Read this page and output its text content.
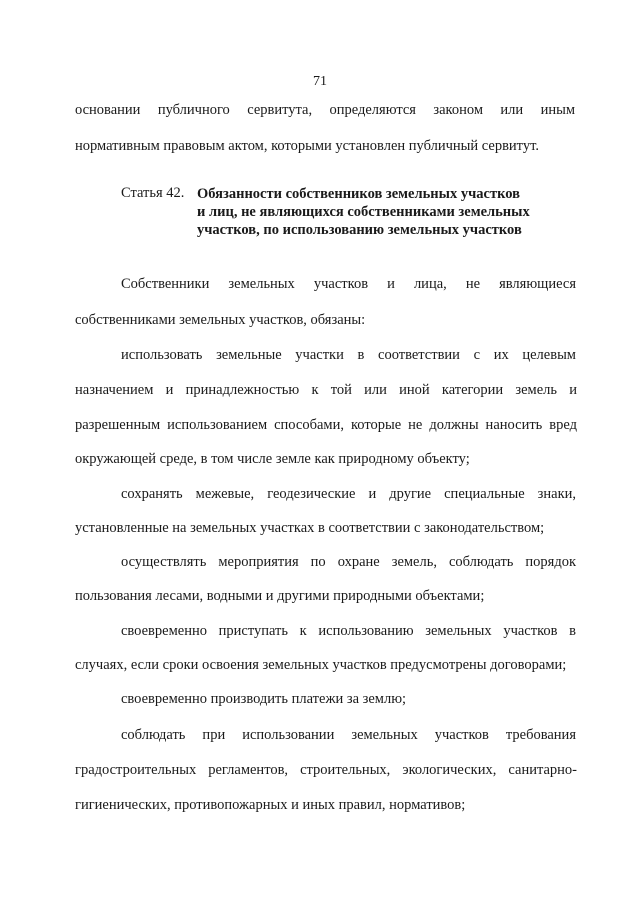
71
основании публичного сервитута, определяются законом или иным
нормативным правовым актом, которыми установлен публичный сервитут.
Статья 42. Обязанности собственников земельных участков
и лиц, не являющихся собственниками земельных
участков, по использованию земельных участков
Собственники земельных участков и лица, не являющиеся
собственниками земельных участков, обязаны:
использовать земельные участки в соответствии с их целевым
назначением и принадлежностью к той или иной категории земель и
разрешенным использованием способами, которые не должны наносить вред
окружающей среде, в том числе земле как природному объекту;
сохранять межевые, геодезические и другие специальные знаки,
установленные на земельных участках в соответствии с законодательством;
осуществлять мероприятия по охране земель, соблюдать порядок
пользования лесами, водными и другими природными объектами;
своевременно приступать к использованию земельных участков в
случаях, если сроки освоения земельных участков предусмотрены договорами;
своевременно производить платежи за землю;
соблюдать при использовании земельных участков требования
градостроительных регламентов, строительных, экологических, санитарно-
гигиенических, противопожарных и иных правил, нормативов;
